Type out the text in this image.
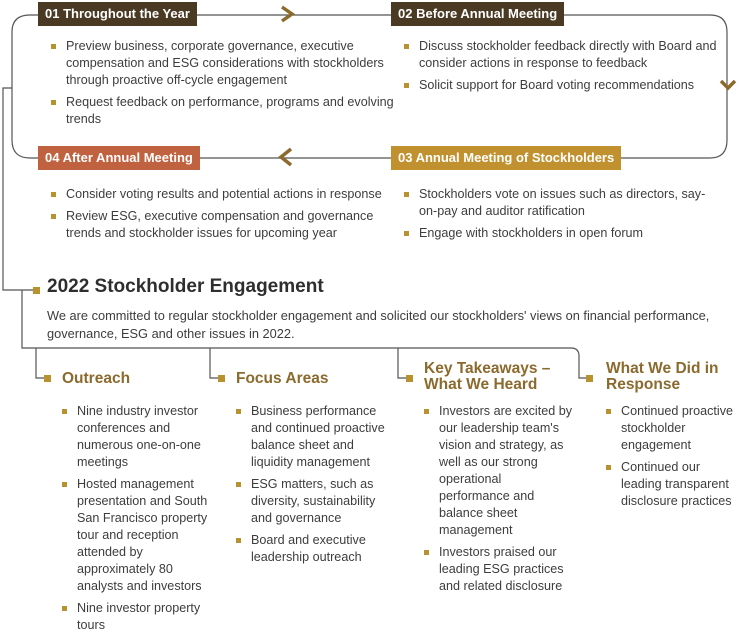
01 Throughout the Year	02 Before Annual Meeting
03 Annual Meeting of Stockholders
04 After Annual Meeting
Preview business, corporate governance, executive compensation and ESG considerations with stockholders through proactive off-cycle engagement
Request feedback on performance, programs and evolving trends
Discuss stockholder feedback directly with Board and consider actions in response to feedback
Solicit support for Board voting recommendations
Consider voting results and potential actions in response
Review ESG, executive compensation and governance trends and stockholder issues for upcoming year
Stockholders vote on issues such as directors, say-on-pay and auditor ratification
Engage with stockholders in open forum
2022 Stockholder Engagement
We are committed to regular stockholder engagement and solicited our stockholders' views on financial performance, governance, ESG and other issues in 2022.
Outreach	Focus Areas
Key Takeaways – What We Heard
What We Did in Response
Nine industry investor conferences and numerous one-on-one meetings
Hosted management presentation and South San Francisco property tour and reception attended by approximately 80 analysts and investors
Nine investor property tours
Business performance and continued proactive balance sheet and liquidity management
ESG matters, such as diversity, sustainability and governance
Board and executive leadership outreach
Investors are excited by our leadership team's vision and strategy, as well as our strong operational performance and balance sheet management
Investors praised our leading ESG practices and related disclosure
Continued proactive stockholder engagement
Continued our leading transparent disclosure practices
